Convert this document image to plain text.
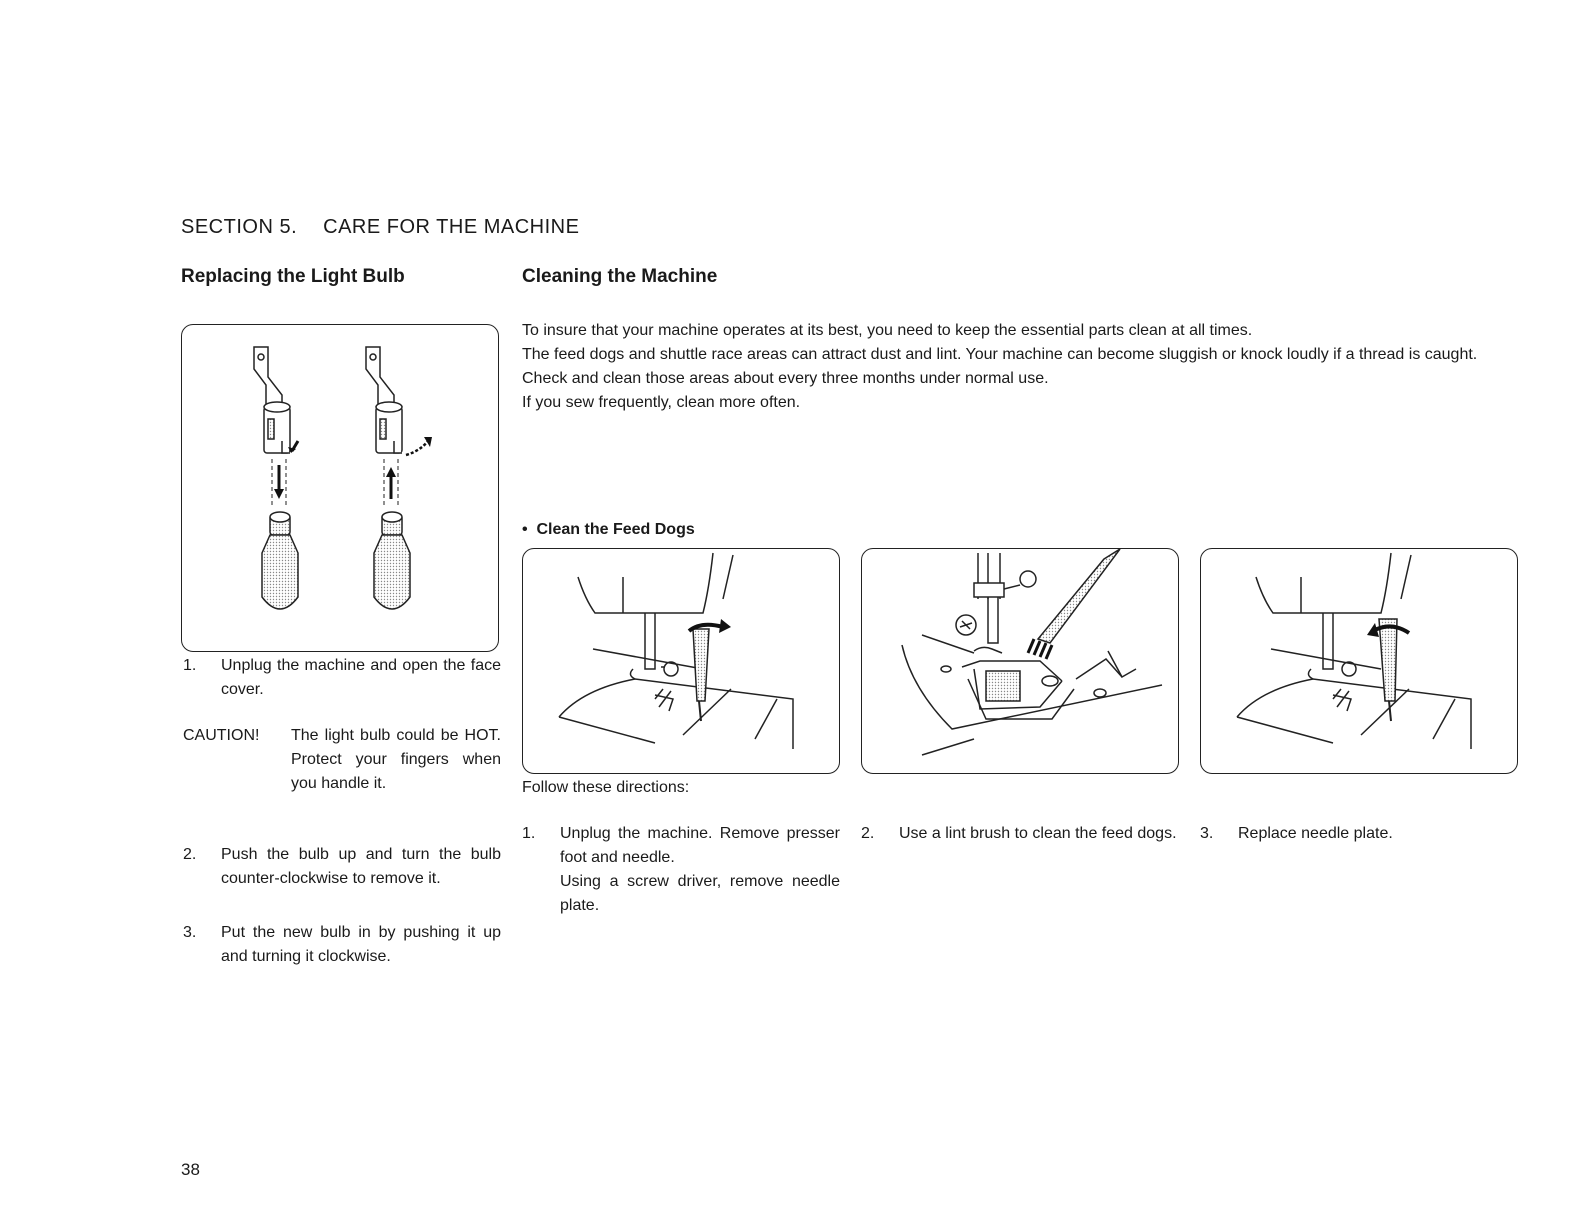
SECTION 5. CARE FOR THE MACHINE
Replacing the Light Bulb
1.	Unplug the machine and open the face cover.
CAUTION!	The light bulb could be HOT. Protect your fingers when you handle it.
2.	Push the bulb up and turn the bulb counter-clockwise to remove it.
3.	Put the new bulb in by pushing it up and turning it clockwise.
Cleaning the Machine
To insure that your machine operates at its best, you need to keep the essential parts clean at all times.
The feed dogs and shuttle race areas can attract dust and lint. Your machine can become sluggish or knock loudly if a thread is caught.
Check and clean those areas about every three months under normal use.
If you sew frequently, clean more often.
• Clean the Feed Dogs
Follow these directions:
1.	Unplug the machine. Remove presser foot and needle.
Using a screw driver, remove needle plate.
2.	Use a lint brush to clean the feed dogs. 3.	Replace needle plate.
38
